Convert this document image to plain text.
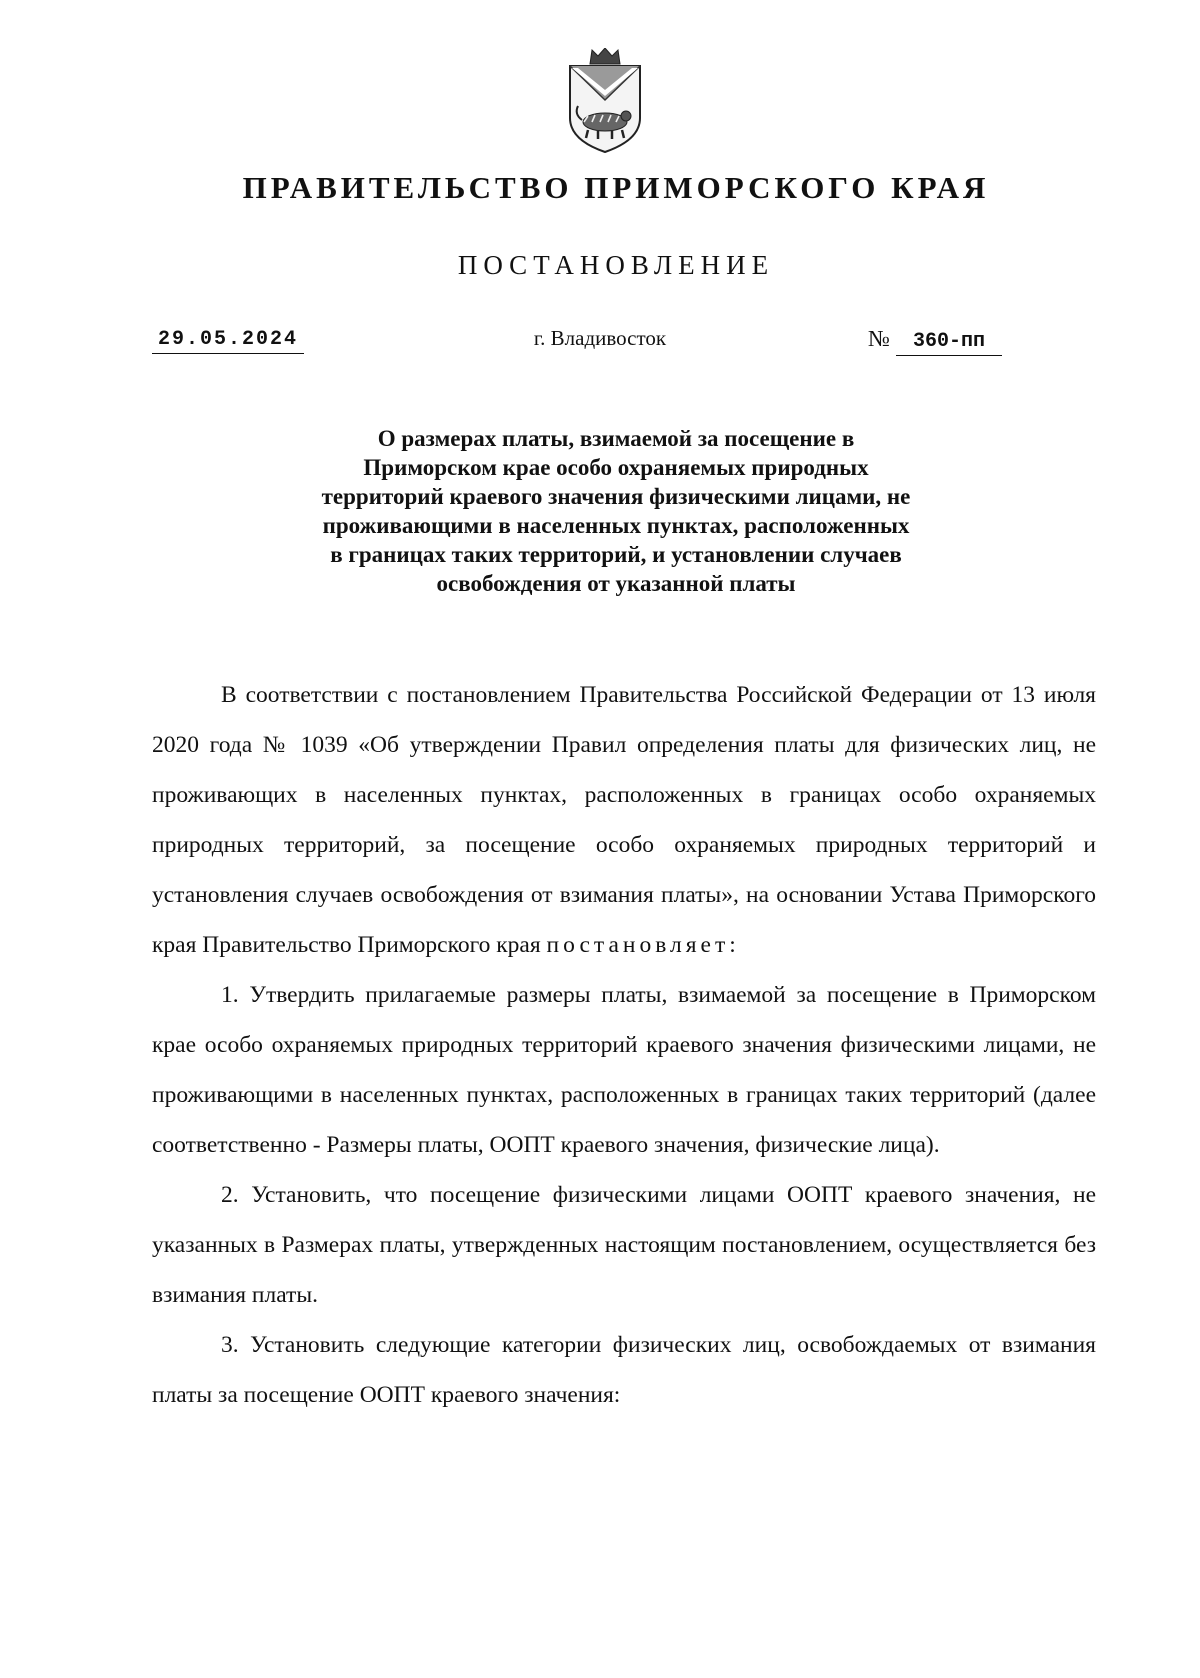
ПРАВИТЕЛЬСТВО ПРИМОРСКОГО КРАЯ
ПОСТАНОВЛЕНИЕ
29.05.2024	г. Владивосток	№ 360-пп
О размерах платы, взимаемой за посещение в
Приморском крае особо охраняемых природных
территорий краевого значения физическими лицами, не
проживающими в населенных пунктах, расположенных
в границах таких территорий, и установлении случаев
освобождения от указанной платы

В соответствии с постановлением Правительства Российской Федерации от 13 июля 2020 года № 1039 «Об утверждении Правил определения платы для физических лиц, не проживающих в населенных пунктах, расположенных в границах особо охраняемых природных территорий, за посещение особо охраняемых природных территорий и установления случаев освобождения от взимания платы», на основании Устава Приморского края Правительство Приморского края постановляет:

1. Утвердить прилагаемые размеры платы, взимаемой за посещение в Приморском крае особо охраняемых природных территорий краевого значения физическими лицами, не проживающими в населенных пунктах, расположенных в границах таких территорий (далее соответственно - Размеры платы, ООПТ краевого значения, физические лица).

2. Установить, что посещение физическими лицами ООПТ краевого значения, не указанных в Размерах платы, утвержденных настоящим постановлением, осуществляется без взимания платы.

3. Установить следующие категории физических лиц, освобождаемых от взимания платы за посещение ООПТ краевого значения:
